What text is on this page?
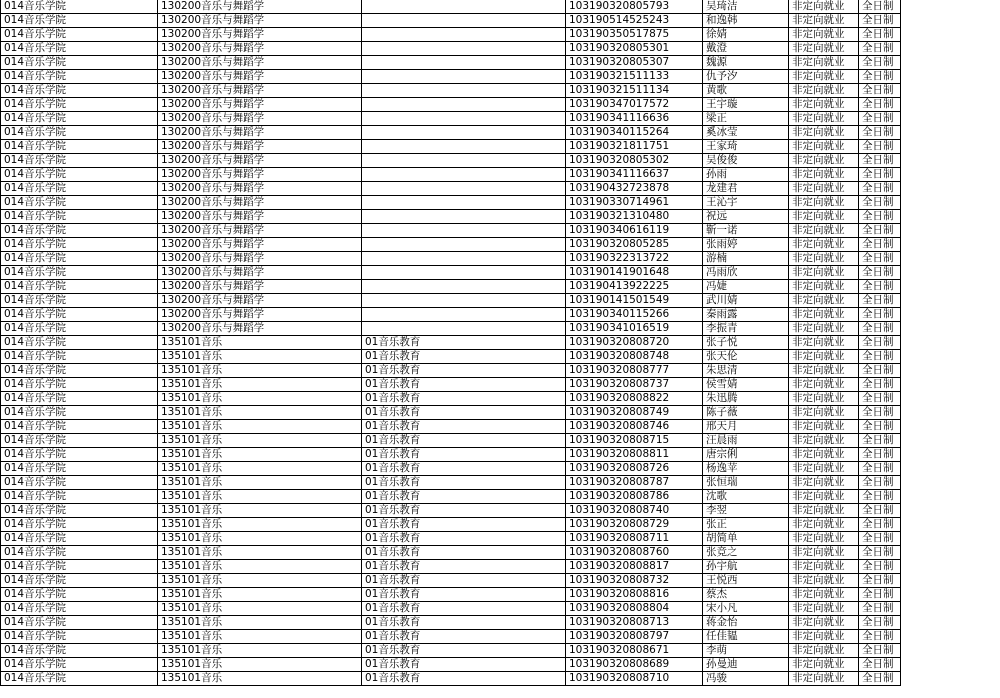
014音乐学院	130200音乐与舞蹈学		103190320805793	吴琦洁	非定向就业	全日制	
014音乐学院	130200音乐与舞蹈学		103190514525243	和逸韩	非定向就业	全日制	
014音乐学院	130200音乐与舞蹈学		103190350517875	徐婧	非定向就业	全日制	
014音乐学院	130200音乐与舞蹈学		103190320805301	戴澄	非定向就业	全日制	
014音乐学院	130200音乐与舞蹈学		103190320805307	魏源	非定向就业	全日制	
014音乐学院	130200音乐与舞蹈学		103190321511133	仇予汐	非定向就业	全日制	
014音乐学院	130200音乐与舞蹈学		103190321511134	黄歌	非定向就业	全日制	
014音乐学院	130200音乐与舞蹈学		103190347017572	王宇璇	非定向就业	全日制	
014音乐学院	130200音乐与舞蹈学		103190341116636	梁正	非定向就业	全日制	
014音乐学院	130200音乐与舞蹈学		103190340115264	奚冰莹	非定向就业	全日制	
014音乐学院	130200音乐与舞蹈学		103190321811751	王家琦	非定向就业	全日制	
014音乐学院	130200音乐与舞蹈学		103190320805302	吴俊俊	非定向就业	全日制	
014音乐学院	130200音乐与舞蹈学		103190341116637	孙雨	非定向就业	全日制	
014音乐学院	130200音乐与舞蹈学		103190432723878	龙建君	非定向就业	全日制	
014音乐学院	130200音乐与舞蹈学		103190330714961	王沁宇	非定向就业	全日制	
014音乐学院	130200音乐与舞蹈学		103190321310480	祝远	非定向就业	全日制	
014音乐学院	130200音乐与舞蹈学		103190340616119	靳一诺	非定向就业	全日制	
014音乐学院	130200音乐与舞蹈学		103190320805285	张雨婷	非定向就业	全日制	
014音乐学院	130200音乐与舞蹈学		103190322313722	游楠	非定向就业	全日制	
014音乐学院	130200音乐与舞蹈学		103190141901648	冯雨欣	非定向就业	全日制	
014音乐学院	130200音乐与舞蹈学		103190413922225	冯婕	非定向就业	全日制	
014音乐学院	130200音乐与舞蹈学		103190141501549	武川婧	非定向就业	全日制	
014音乐学院	130200音乐与舞蹈学		103190340115266	秦雨露	非定向就业	全日制	
014音乐学院	130200音乐与舞蹈学		103190341016519	李振青	非定向就业	全日制	
014音乐学院	135101音乐	01音乐教育	103190320808720	张子悦	非定向就业	全日制	
014音乐学院	135101音乐	01音乐教育	103190320808748	张天伦	非定向就业	全日制	
014音乐学院	135101音乐	01音乐教育	103190320808777	朱思清	非定向就业	全日制	
014音乐学院	135101音乐	01音乐教育	103190320808737	侯雪婧	非定向就业	全日制	
014音乐学院	135101音乐	01音乐教育	103190320808822	朱迅腾	非定向就业	全日制	
014音乐学院	135101音乐	01音乐教育	103190320808749	陈子薇	非定向就业	全日制	
014音乐学院	135101音乐	01音乐教育	103190320808746	邢天月	非定向就业	全日制	
014音乐学院	135101音乐	01音乐教育	103190320808715	汪晨雨	非定向就业	全日制	
014音乐学院	135101音乐	01音乐教育	103190320808811	唐宗俐	非定向就业	全日制	
014音乐学院	135101音乐	01音乐教育	103190320808726	杨逸苹	非定向就业	全日制	
014音乐学院	135101音乐	01音乐教育	103190320808787	张恒瑞	非定向就业	全日制	
014音乐学院	135101音乐	01音乐教育	103190320808786	沈歌	非定向就业	全日制	
014音乐学院	135101音乐	01音乐教育	103190320808740	李翌	非定向就业	全日制	
014音乐学院	135101音乐	01音乐教育	103190320808729	张正	非定向就业	全日制	
014音乐学院	135101音乐	01音乐教育	103190320808711	胡简单	非定向就业	全日制	
014音乐学院	135101音乐	01音乐教育	103190320808760	张竞之	非定向就业	全日制	
014音乐学院	135101音乐	01音乐教育	103190320808817	孙宇航	非定向就业	全日制	
014音乐学院	135101音乐	01音乐教育	103190320808732	王悦西	非定向就业	全日制	
014音乐学院	135101音乐	01音乐教育	103190320808816	蔡杰	非定向就业	全日制	
014音乐学院	135101音乐	01音乐教育	103190320808804	宋小凡	非定向就业	全日制	
014音乐学院	135101音乐	01音乐教育	103190320808713	蒋金怡	非定向就业	全日制	
014音乐学院	135101音乐	01音乐教育	103190320808797	任佳韫	非定向就业	全日制	
014音乐学院	135101音乐	01音乐教育	103190320808671	李萌	非定向就业	全日制	
014音乐学院	135101音乐	01音乐教育	103190320808689	孙曼迪	非定向就业	全日制	
014音乐学院	135101音乐	01音乐教育	103190320808710	冯骏	非定向就业	全日制	
